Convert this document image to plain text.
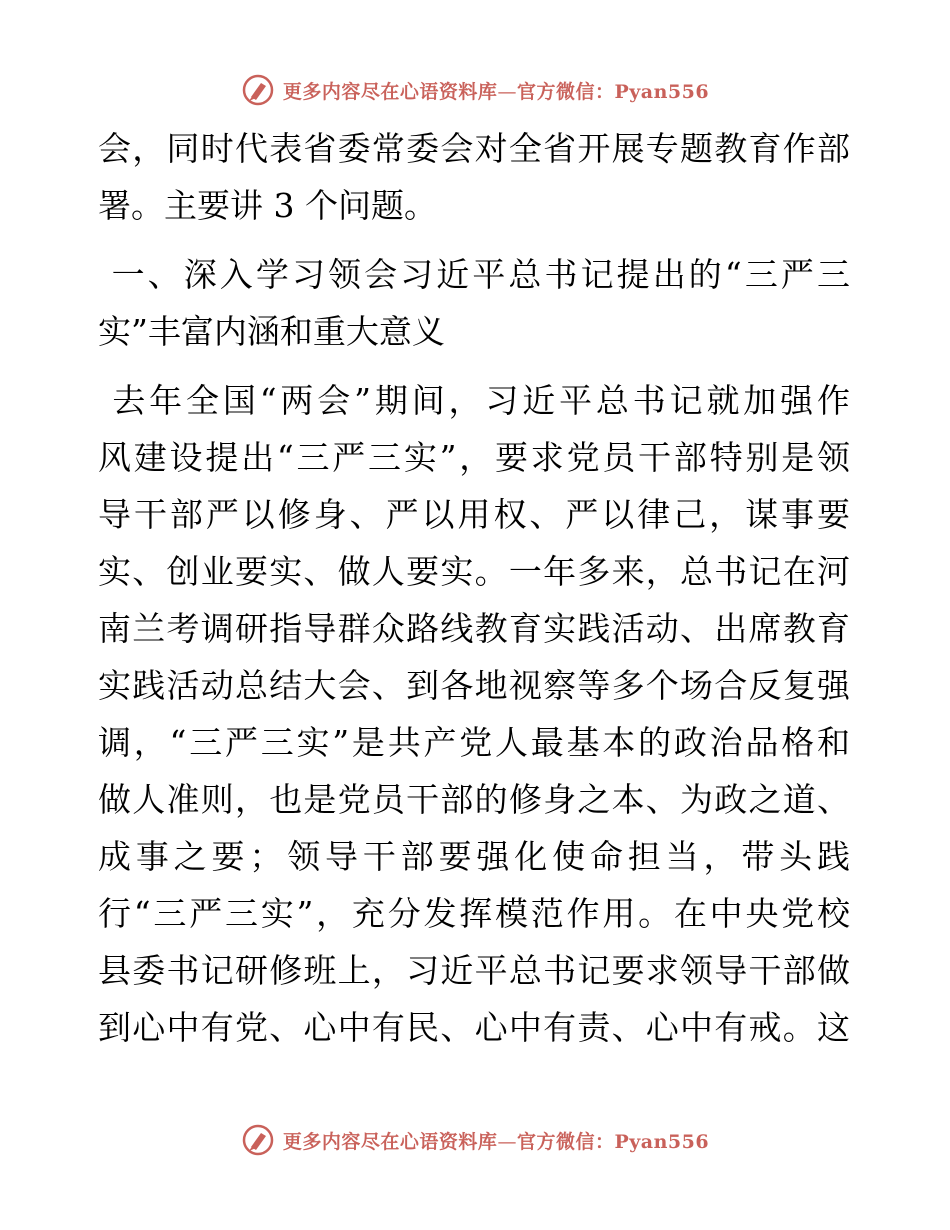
更多内容尽在心语资料库—官方微信：Pyan556
会，同时代表省委常委会对全省开展专题教育作部
署。主要讲 3 个问题。
一、深入学习领会习近平总书记提出的“三严三
实”丰富内涵和重大意义
去年全国“两会”期间，习近平总书记就加强作
风建设提出“三严三实”，要求党员干部特别是领
导干部严以修身、严以用权、严以律己，谋事要
实、创业要实、做人要实。一年多来，总书记在河
南兰考调研指导群众路线教育实践活动、出席教育
实践活动总结大会、到各地视察等多个场合反复强
调，“三严三实”是共产党人最基本的政治品格和
做人准则，也是党员干部的修身之本、为政之道、
成事之要；领导干部要强化使命担当，带头践
行“三严三实”，充分发挥模范作用。在中央党校
县委书记研修班上，习近平总书记要求领导干部做
到心中有党、心中有民、心中有责、心中有戒。这
更多内容尽在心语资料库—官方微信：Pyan556
